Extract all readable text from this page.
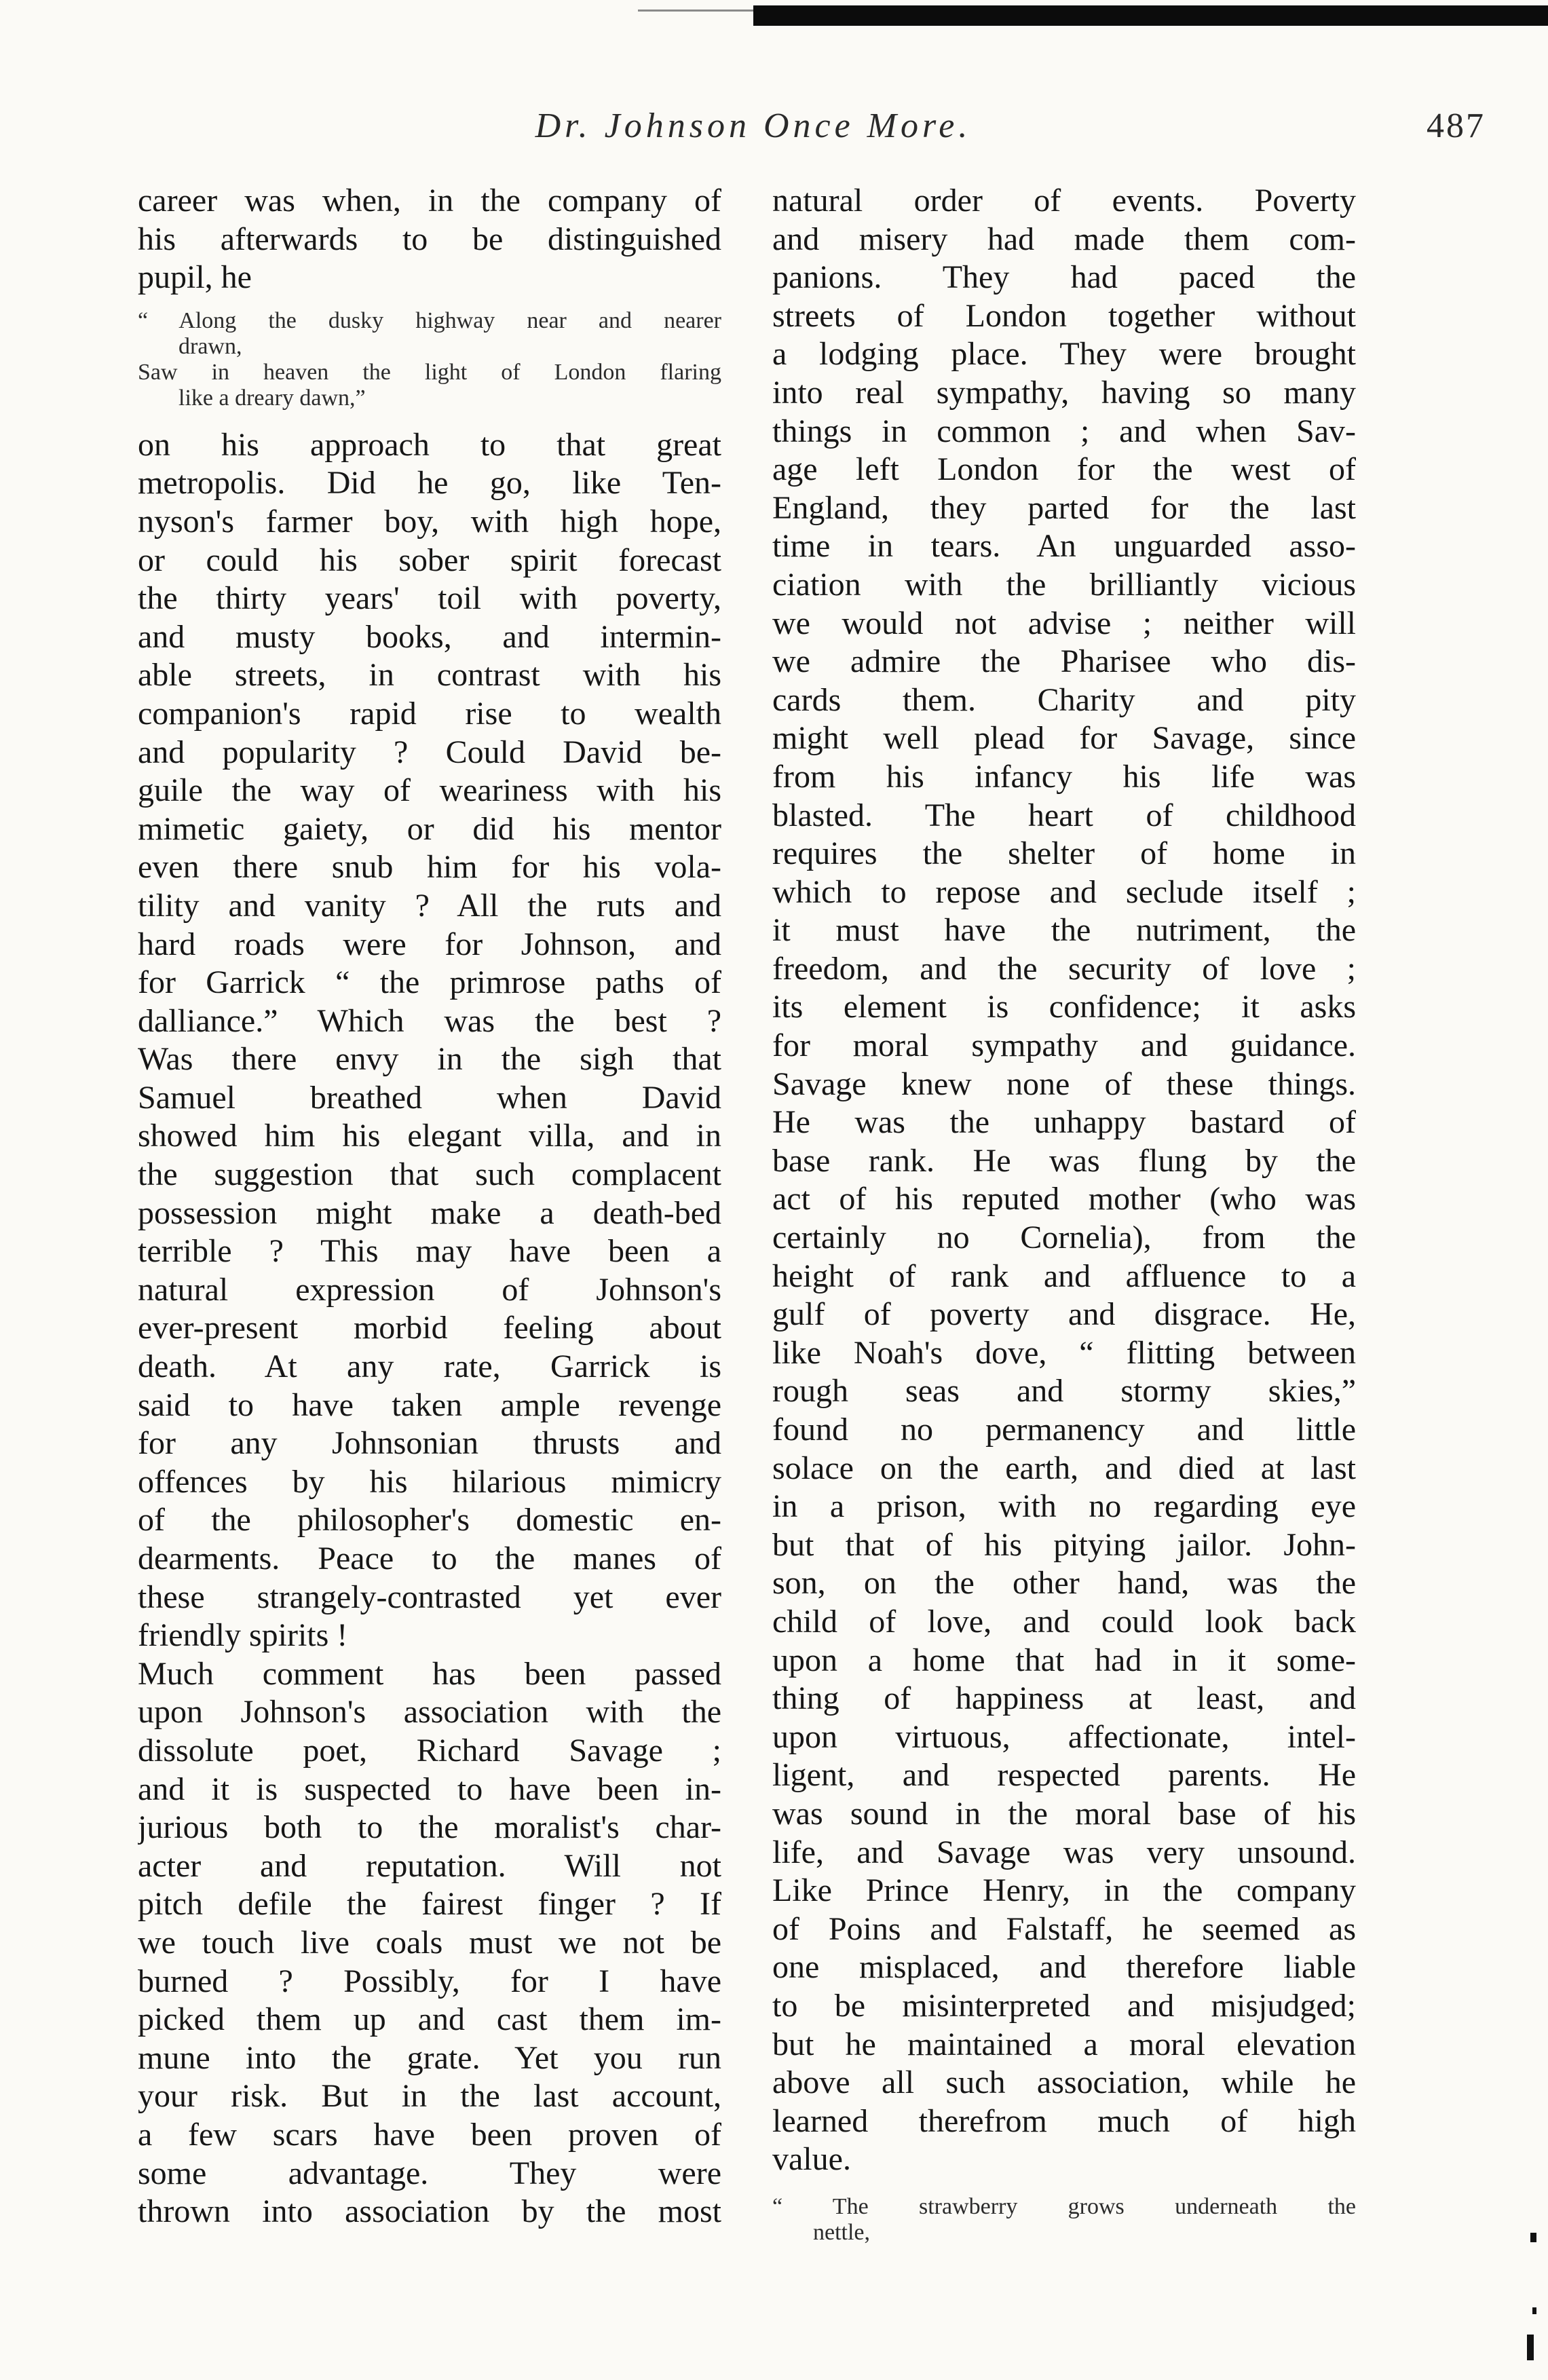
Dr. Johnson Once More.	487
career was when, in the company of
his afterwards to be distinguished
pupil, he
“ Along the dusky highway near and nearer
drawn,
Saw in heaven the light of London flaring
like a dreary dawn,”
on his approach to that great
metropolis. Did he go, like Ten-
nyson's farmer boy, with high hope,
or could his sober spirit forecast
the thirty years' toil with poverty,
and musty books, and intermin-
able streets, in contrast with his
companion's rapid rise to wealth
and popularity ? Could David be-
guile the way of weariness with his
mimetic gaiety, or did his mentor
even there snub him for his vola-
tility and vanity ? All the ruts and
hard roads were for Johnson, and
for Garrick “ the primrose paths of
dalliance.” Which was the best ?
Was there envy in the sigh that
Samuel breathed when David
showed him his elegant villa, and in
the suggestion that such complacent
possession might make a death-bed
terrible ? This may have been a
natural expression of Johnson's
ever-present morbid feeling about
death. At any rate, Garrick is
said to have taken ample revenge
for any Johnsonian thrusts and
offences by his hilarious mimicry
of the philosopher's domestic en-
dearments. Peace to the manes of
these strangely-contrasted yet ever
friendly spirits !
Much comment has been passed
upon Johnson's association with the
dissolute poet, Richard Savage ;
and it is suspected to have been in-
jurious both to the moralist's char-
acter and reputation. Will not
pitch defile the fairest finger ? If
we touch live coals must we not be
burned ? Possibly, for I have
picked them up and cast them im-
mune into the grate. Yet you run
your risk. But in the last account,
a few scars have been proven of
some advantage. They were
thrown into association by the most
natural order of events. Poverty
and misery had made them com-
panions. They had paced the
streets of London together without
a lodging place. They were brought
into real sympathy, having so many
things in common ; and when Sav-
age left London for the west of
England, they parted for the last
time in tears. An unguarded asso-
ciation with the brilliantly vicious
we would not advise ; neither will
we admire the Pharisee who dis-
cards them. Charity and pity
might well plead for Savage, since
from his infancy his life was
blasted. The heart of childhood
requires the shelter of home in
which to repose and seclude itself ;
it must have the nutriment, the
freedom, and the security of love ;
its element is confidence; it asks
for moral sympathy and guidance.
Savage knew none of these things.
He was the unhappy bastard of
base rank. He was flung by the
act of his reputed mother (who was
certainly no Cornelia), from the
height of rank and affluence to a
gulf of poverty and disgrace. He,
like Noah's dove, “ flitting between
rough seas and stormy skies,”
found no permanency and little
solace on the earth, and died at last
in a prison, with no regarding eye
but that of his pitying jailor. John-
son, on the other hand, was the
child of love, and could look back
upon a home that had in it some-
thing of happiness at least, and
upon virtuous, affectionate, intel-
ligent, and respected parents. He
was sound in the moral base of his
life, and Savage was very unsound.
Like Prince Henry, in the company
of Poins and Falstaff, he seemed as
one misplaced, and therefore liable
to be misinterpreted and misjudged;
but he maintained a moral elevation
above all such association, while he
learned therefrom much of high
value.
“ The strawberry grows underneath the
nettle,
